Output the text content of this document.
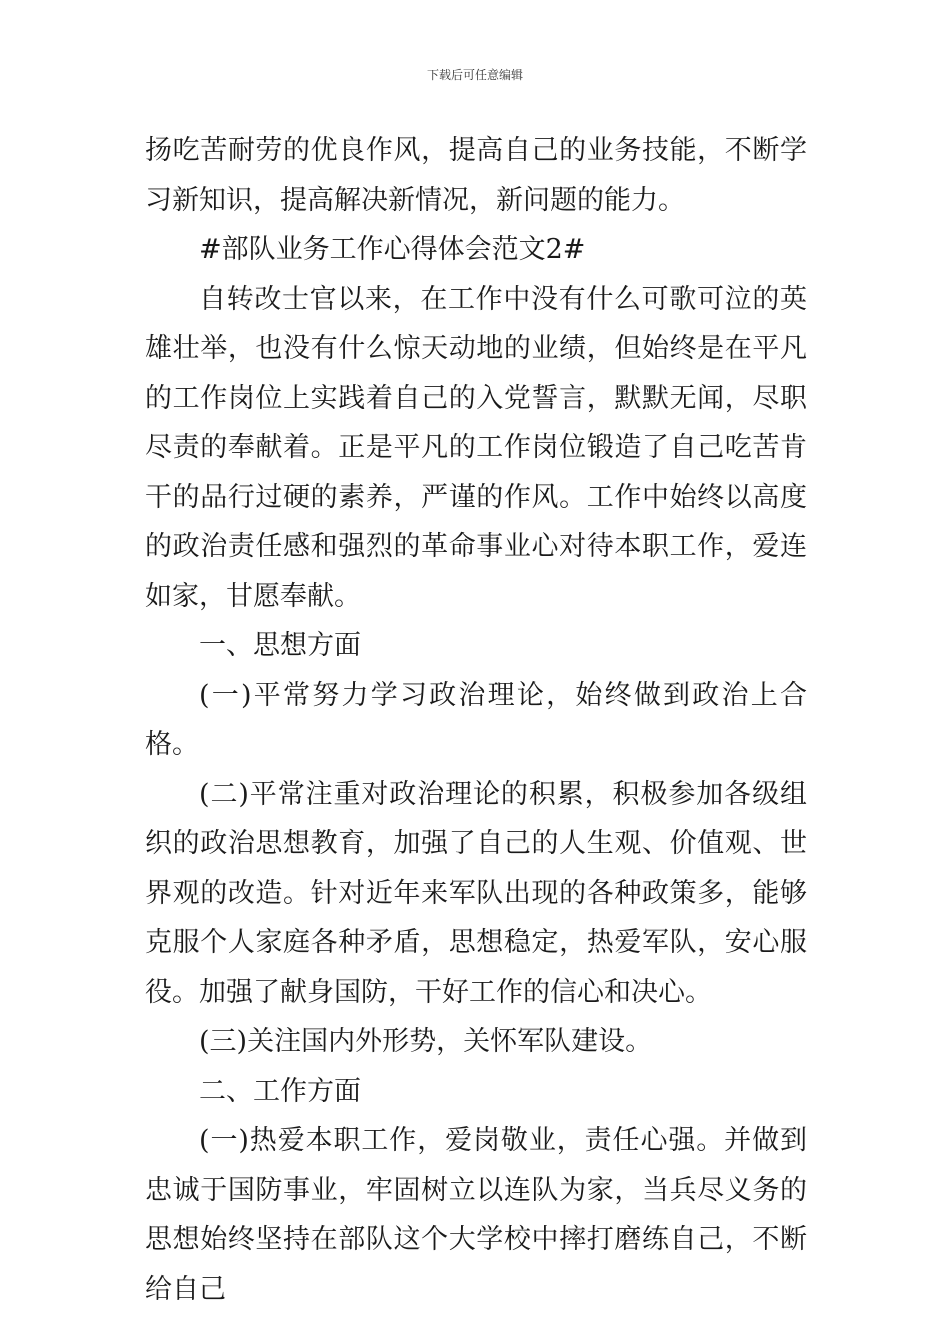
下载后可任意编辑

扬吃苦耐劳的优良作风，提高自己的业务技能，不断学习新知识，提高解决新情况，新问题的能力。

#部队业务工作心得体会范文2#

自转改士官以来，在工作中没有什么可歌可泣的英雄壮举，也没有什么惊天动地的业绩，但始终是在平凡的工作岗位上实践着自己的入党誓言，默默无闻，尽职尽责的奉献着。正是平凡的工作岗位锻造了自己吃苦肯干的品行过硬的素养，严谨的作风。工作中始终以高度的政治责任感和强烈的革命事业心对待本职工作，爱连如家，甘愿奉献。

一、思想方面

(一)平常努力学习政治理论，始终做到政治上合格。

(二)平常注重对政治理论的积累，积极参加各级组织的政治思想教育，加强了自己的人生观、价值观、世界观的改造。针对近年来军队出现的各种政策多，能够克服个人家庭各种矛盾，思想稳定，热爱军队，安心服役。加强了献身国防，干好工作的信心和决心。

(三)关注国内外形势，关怀军队建设。

二、工作方面

(一)热爱本职工作，爱岗敬业，责任心强。并做到忠诚于国防事业，牢固树立以连队为家，当兵尽义务的思想始终坚持在部队这个大学校中摔打磨练自己，不断给自己
